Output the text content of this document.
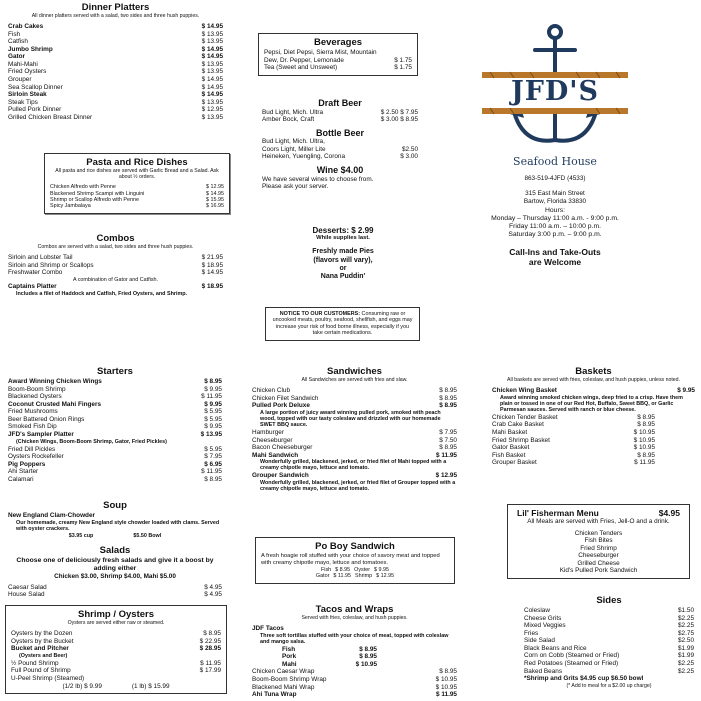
Dinner Platters
All dinner platters served with a salad, two sides and three hush puppies.
Crab Cakes	$ 14.95
Fish	$ 13.95
Catfish	$ 13.95
Jumbo Shrimp	$ 14.95
Gator	$ 14.95
Mahi-Mahi	$ 13.95
Fried Oysters	$ 13.95
Grouper	$ 14.95
Sea Scallop Dinner	$ 14.95
Sirloin Steak	$ 14.95
Steak Tips	$ 13.95
Pulled Pork Dinner	$ 12.95
Grilled Chicken Breast Dinner	$ 13.95
Pasta and Rice Dishes
All pasta and rice dishes are served with Garlic Bread and a Salad. Ask about ½ orders.
Chicken Alfredo with Penne	$ 12.95
Blackened Shrimp Scampi with Linguini	$ 14.95
Shrimp or Scallop Alfredo with Penne	$ 15.95
Spicy Jambalaya	$ 16.95
Combos
Combos are served with a salad, two sides and three hush puppies.
Sirloin and Lobster Tail	$ 21.95
Sirloin and Shrimp or Scallops	$ 18.95
Freshwater Combo	$ 14.95
A combination of Gator and Catfish.
Captains Platter	$ 18.95
Includes a filet of Haddock and Catfish, Fried Oysters, and Shrimp.
Beverages
Pepsi, Diet Pepsi, Sierra Mist, Mountain
Dew, Dr. Pepper, Lemonade	$ 1.75
Tea (Sweet and Unsweet)	$ 1.75
Draft Beer
Bud Light, Mich. Ultra	$ 2.50 $ 7.95
Amber Bock, Craft	$ 3.00 $ 8.95
Bottle Beer
Bud Light, Mich. Ultra,
Coors Light, Miller Lite	$2.50
Heineken, Yuengling, Corona	$ 3.00
Wine $4.00
We have several wines to choose from.
Please ask your server.
Desserts: $ 2.99
While supplies last.
Freshly made Pies
(flavors will vary),
or
Nana Puddin'
NOTICE TO OUR CUSTOMERS: Consuming raw or uncooked meats, poultry, seafood, shellfish, and eggs may increase your risk of food borne illness, especially if you take certain medications.
JFD'S
Seafood House
863-519-4JFD (4533)
315 East Main Street
Bartow, Florida 33830
Hours:
Monday – Thursday 11:00 a.m. - 9:00 p.m.
Friday 11:00 a.m. – 10:00 p.m.
Saturday 3:00 p.m. – 9:00 p.m.
Call-Ins and Take-Outs
are Welcome
Starters
Award Winning Chicken Wings	$ 8.95
Boom-Boom Shrimp	$ 9.95
Blackened Oysters	$ 11.95
Coconut Crusted Mahi Fingers	$ 9.95
Fried Mushrooms	$ 5.95
Beer Battered Onion Rings	$ 5.95
Smoked Fish Dip	$ 9.95
JFD's Sampler Platter	$ 13.95
(Chicken Wings, Boom-Boom Shrimp, Gator, Fried Pickles)
Fried Dill Pickles	$ 5.95
Oysters Rockefeller	$ 7.95
Pig Poppers	$ 6.95
Ahi Starter	$ 11.95
Calamari	$ 8.95
Soup
New England Clam-Chowder
Our homemade, creamy New England style chowder loaded with clams. Served with oyster crackers.
$3.95 cup	$5.50 Bowl
Salads
Choose one of deliciously fresh salads and give it a boost by adding either
Chicken $3.00, Shrimp $4.00, Mahi $5.00
Caesar Salad	$ 4.95
House Salad	$ 4.95
Shrimp / Oysters
Oysters are served either raw or steamed.
Oysters by the Dozen	$ 8.95
Oysters by the Bucket	$ 22.95
Bucket and Pitcher	$ 28.95
(Oysters and Beer)
½ Pound Shrimp	$ 11.95
Full Pound of Shrimp	$ 17.99
U-Peel Shrimp (Steamed)
(1/2 lb) $ 9.99	(1 lb) $ 15.99
Sandwiches
All Sandwiches are served with fries and slaw.
Chicken Club	$ 8.95
Chicken Filet Sandwich	$ 8.95
Pulled Pork Deluxe	$ 8.95
A large portion of juicy award winning pulled pork, smoked with peach wood, topped with our tasty coleslaw and drizzled with our homemade SWET BBQ sauce.
Hamburger	$ 7.95
Cheeseburger	$ 7.50
Bacon Cheeseburger	$ 8.95
Mahi Sandwich	$ 11.95
Wonderfully grilled, blackened, jerked, or fried filet of Mahi topped with a creamy chipotle mayo, lettuce and tomato.
Grouper Sandwich	$ 12.95
Wonderfully grilled, blackened, jerked, or fried filet of Grouper topped with a creamy chipotle mayo, lettuce and tomato.
Po Boy Sandwich
A fresh hoagie roll stuffed with your choice of savory meat and topped with creamy chipotle mayo, lettuce and tomatoes.
Fish $ 8.95 Oyster $ 9.95
Gator $ 11.95 Shrimp $ 12.95
Tacos and Wraps
Served with fries, coleslaw, and hush puppies.
JDF Tacos
Three soft tortillas stuffed with your choice of meat, topped with coleslaw and mango salsa.
Fish	$ 8.95
Pork	$ 8.95
Mahi	$ 10.95
Chicken Caesar Wrap	$ 8.95
Boom-Boom Shrimp Wrap	$ 10.95
Blackened Mahi Wrap	$ 10.95
Ahi Tuna Wrap	$ 11.95
Baskets
All baskets are served with fries, coleslaw, and hush puppies, unless noted.
Chicken Wing Basket	$ 9.95
Award winning smoked chicken wings, deep fried to a crisp. Have them plain or tossed in one of our Red Hot, Buffalo, Sweet BBQ, or Garlic Parmesan sauces. Served with ranch or blue cheese.
Chicken Tender Basket	$ 8.95
Crab Cake Basket	$ 8.95
Mahi Basket	$ 10.95
Fried Shrimp Basket	$ 10.95
Gator Basket	$ 10.95
Fish Basket	$ 8.95
Grouper Basket	$ 11.95
Lil' Fisherman Menu	$4.95
All Meals are served with Fries, Jell-O and a drink.
Chicken Tenders
Fish Bites
Fried Shrimp
Cheeseburger
Grilled Cheese
Kid's Pulled Pork Sandwich
Sides
Coleslaw	$1.50
Cheese Grits	$2.25
Mixed Veggies	$2.25
Fries	$2.75
Side Salad	$2.50
Black Beans and Rice	$1.99
Corn on Cobb (Steamed or Fried)	$1.99
Red Potatoes (Steamed or Fried)	$2.25
Baked Beans	$2.25
*Shrimp and Grits $4.95 cup $6.50 bowl
(* Add to meal for a $2.00 up charge)
